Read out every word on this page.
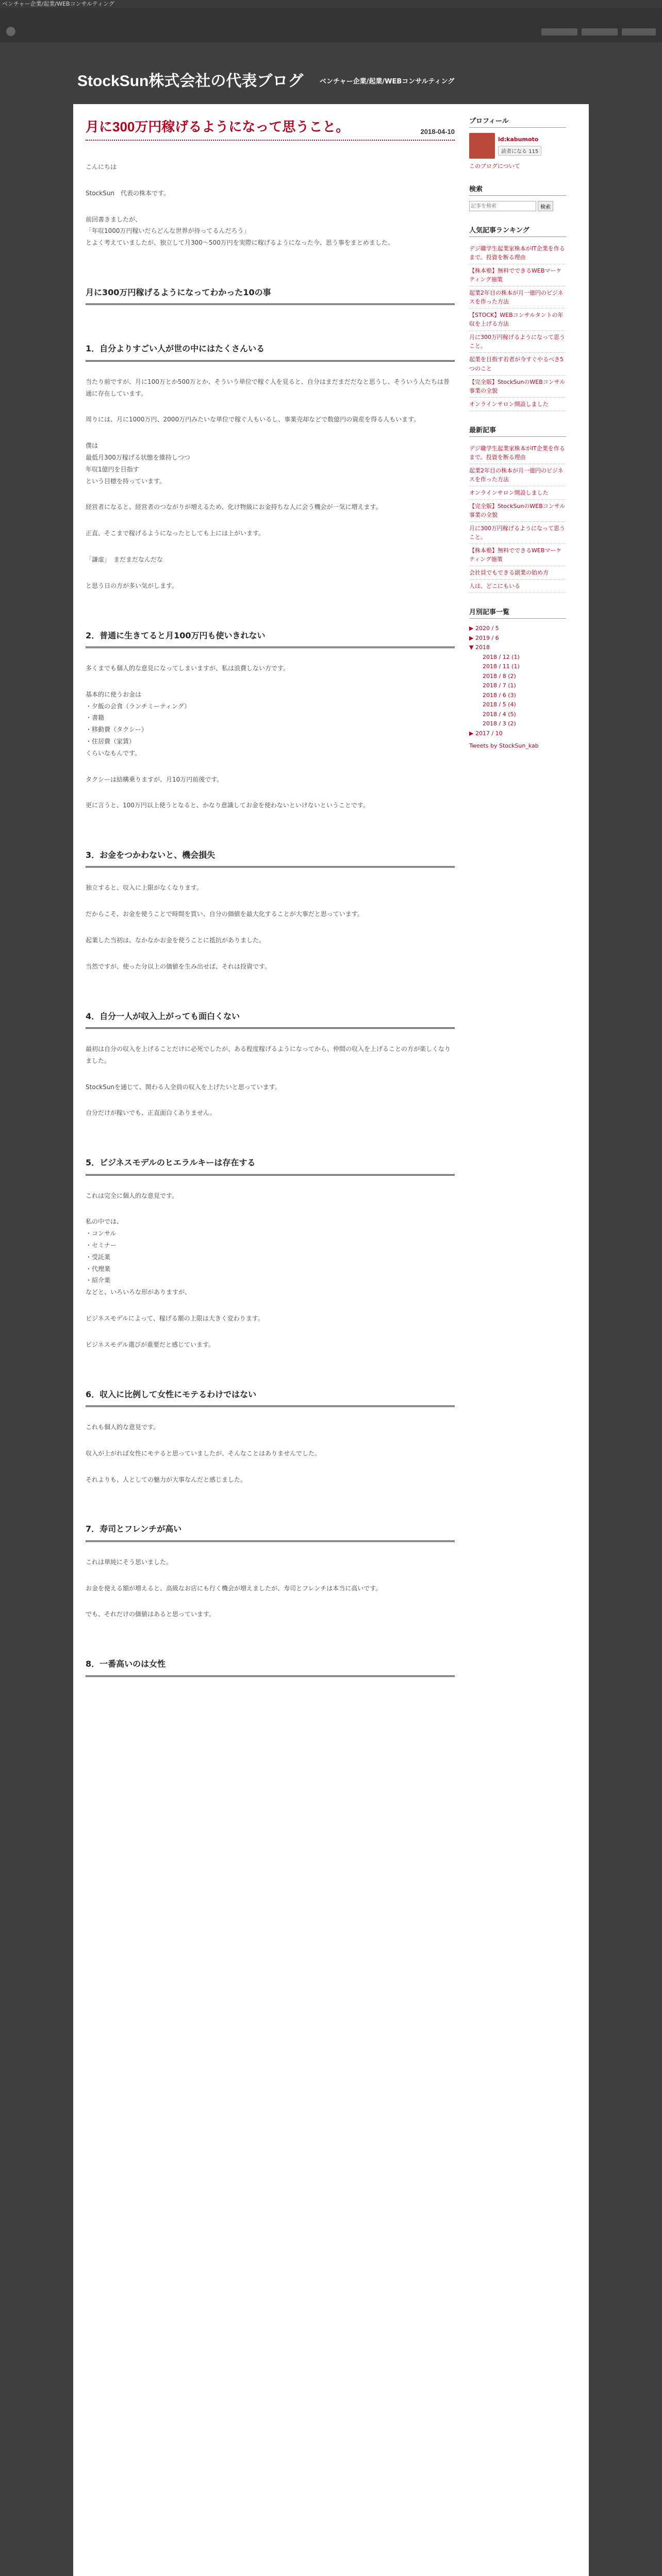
ベンチャー企業/起業/WEBコンサルティング
StockSun株式会社の代表ブログ ベンチャー企業/起業/WEBコンサルティング
月に300万円稼げるようになって思うこと。	2018-04-10
こんにちは
StockSun　代表の株本です。
前回書きましたが、
「年収1000万円稼いだらどんな世界が待ってるんだろう」
とよく考えていましたが、独立して月300〜500万円を実際に稼げるようになった今、思う事をまとめました。
月に300万円稼げるようになってわかった10の事
1．自分よりすごい人が世の中にはたくさんいる
当たり前ですが、月に100万とか500万とか、そういう単位で稼ぐ人を見ると、自分はまだまだだなと思うし、そういう人たちは普通に存在しています。
周りには、月に1000万円、2000万円みたいな単位で稼ぐ人もいるし、事業売却などで数億円の資産を得る人もいます。
僕は
最低月300万稼げる状態を維持しつつ
年収1億円を目指す
という目標を持っています。
経営者になると、経営者のつながりが増えるため、化け物級にお金持ちな人に会う機会が一気に増えます。
正直、そこまで稼げるようになったとしても上には上がいます。
「謙虚」　まだまだなんだな
と思う日の方が多い気がします。
2．普通に生きてると月100万円も使いきれない
多くまでも個人的な意見になってしまいますが、私は浪費しない方です。
基本的に使うお金は
・夕飯の会食（ランチミーティング）
・書籍
・移動費（タクシー）
・住居費（家賃）
くらいなもんです。
タクシーは結構乗りますが、月10万円前後です。
更に言うと、100万円以上使うとなると、かなり意識してお金を使わないといけないということです。
3．お金をつかわないと、機会損失
独立すると、収入に上限がなくなります。
だからこそ、お金を使うことで時間を買い、自分の価値を最大化することが大事だと思っています。
起業した当初は、なかなかお金を使うことに抵抗がありました。
当然ですが、使った分以上の価値を生み出せば、それは投資です。
4．自分一人が収入上がっても面白くない
最初は自分の収入を上げることだけに必死でしたが、ある程度稼げるようになってから、仲間の収入を上げることの方が楽しくなりました。
StockSunを通じて、関わる人全員の収入を上げたいと思っています。
自分だけが稼いでも、正直面白くありません。
5．ビジネスモデルのヒエラルキーは存在する
これは完全に個人的な意見です。
私の中では、
・コンサル
・セミナー
・受託業
・代理業
・紹介業
などと、いろいろな形がありますが、
ビジネスモデルによって、稼げる額の上限は大きく変わります。
ビジネスモデル選びが重要だと感じています。
6．収入に比例して女性にモテるわけではない
これも個人的な意見です。
収入が上がれば女性にモテると思っていましたが、そんなことはありませんでした。
それよりも、人としての魅力が大事なんだと感じました。
7．寿司とフレンチが高い
これは単純にそう思いました。
お金を使える額が増えると、高級なお店にも行く機会が増えましたが、寿司とフレンチは本当に高いです。
でも、それだけの価値はあると思っています。
8．一番高いのは女性
プロフィール
id:kabumoto
読者になる 115
このブログについて
検索
記事を検索
検索
人気記事ランキング
デジ職学生起業家株本がIT企業を作るまで。投資を断る理由
【株本塾】無料でできるWEBマーケティング施策
起業2年目の株本が月一億円のビジネスを作った方法
【STOCK】WEBコンサルタントの年収を上げる方法
月に300万円稼げるようになって思うこと。
起業を目指す若者が今すぐやるべき5つのこと
【完全版】StockSunのWEBコンサル事業の全貌
オンラインサロン開設しました
最新記事
デジ職学生起業家株本がIT企業を作るまで。投資を断る理由
起業2年目の株本が月一億円のビジネスを作った方法
オンラインサロン開設しました
【完全版】StockSunのWEBコンサル事業の全貌
月に300万円稼げるようになって思うこと。
【株本塾】無料でできるWEBマーケティング施策
会社員でもできる副業の始め方
人は、どこにもいる
月別記事一覧
▶ 2020 / 5
▶ 2019 / 6
▼ 2018
2018 / 12 (1)
2018 / 11 (1)
2018 / 8 (2)
2018 / 7 (1)
2018 / 6 (3)
2018 / 5 (4)
2018 / 4 (5)
2018 / 3 (2)
▶ 2017 / 10
Tweets by StockSun_kab
